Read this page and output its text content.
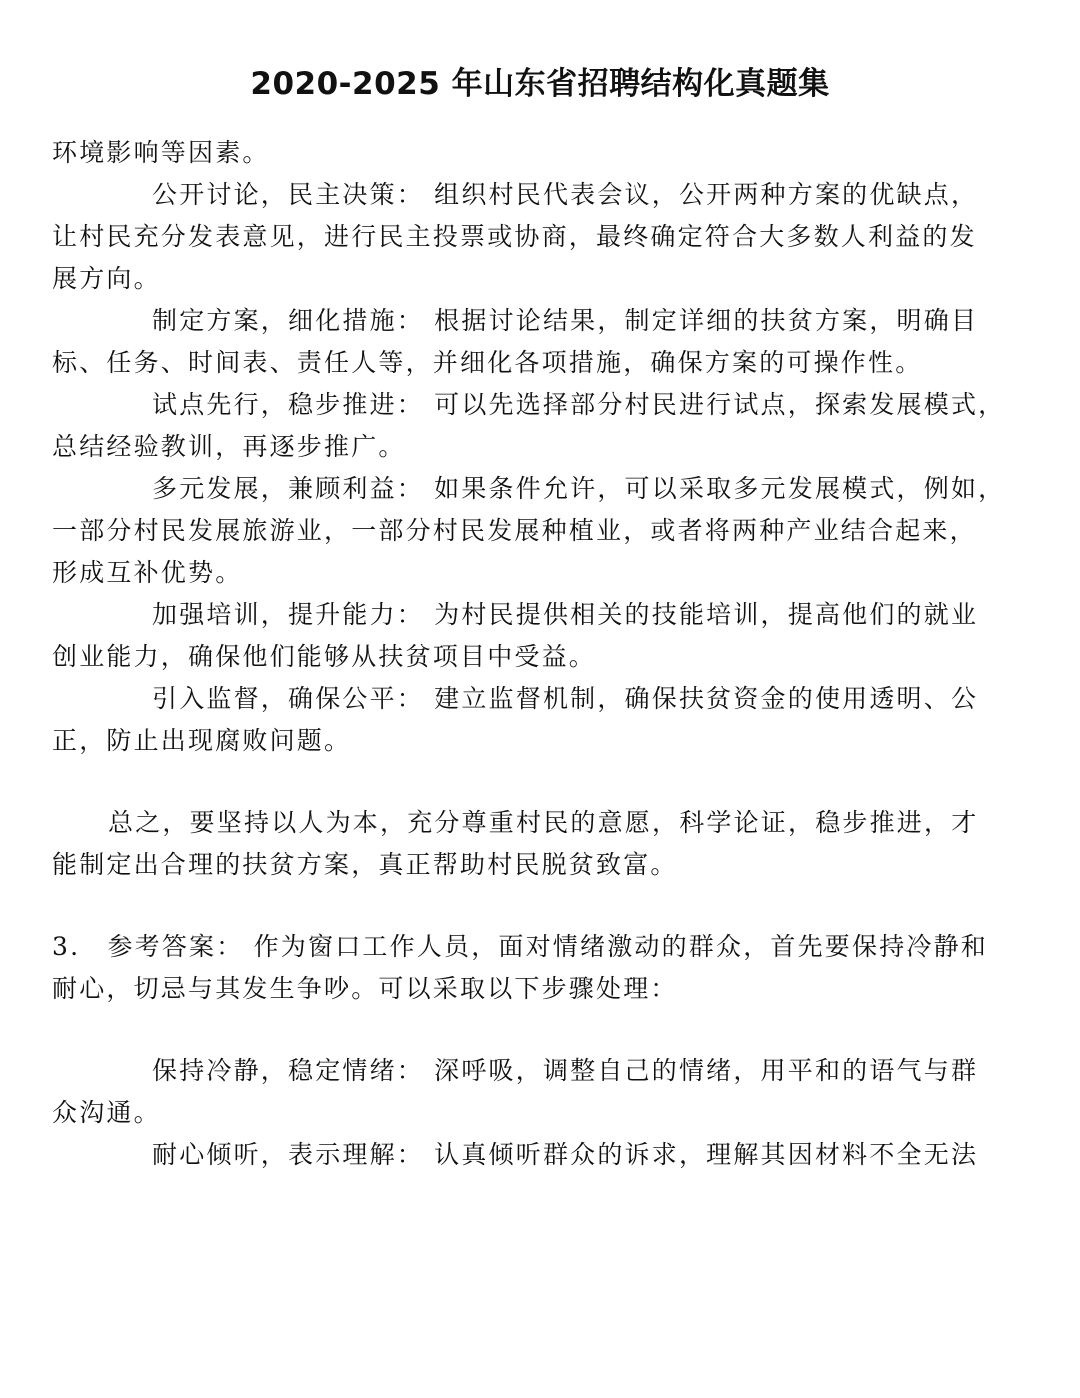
2020-2025 年山东省招聘结构化真题集

环境影响等因素。

公开讨论，民主决策： 组织村民代表会议，公开两种方案的优缺点，

让村民充分发表意见，进行民主投票或协商，最终确定符合大多数人利益的发

展方向。

制定方案，细化措施： 根据讨论结果，制定详细的扶贫方案，明确目

标、任务、时间表、责任人等，并细化各项措施，确保方案的可操作性。

试点先行，稳步推进： 可以先选择部分村民进行试点，探索发展模式，

总结经验教训，再逐步推广。

多元发展，兼顾利益： 如果条件允许，可以采取多元发展模式，例如，

一部分村民发展旅游业，一部分村民发展种植业，或者将两种产业结合起来，

形成互补优势。

加强培训，提升能力： 为村民提供相关的技能培训，提高他们的就业

创业能力，确保他们能够从扶贫项目中受益。

引入监督，确保公平： 建立监督机制，确保扶贫资金的使用透明、公

正，防止出现腐败问题。

总之，要坚持以人为本，充分尊重村民的意愿，科学论证，稳步推进，才

能制定出合理的扶贫方案，真正帮助村民脱贫致富。

3.　参考答案： 作为窗口工作人员，面对情绪激动的群众，首先要保持冷静和

耐心，切忌与其发生争吵。可以采取以下步骤处理：

保持冷静，稳定情绪： 深呼吸，调整自己的情绪，用平和的语气与群

众沟通。

耐心倾听，表示理解： 认真倾听群众的诉求，理解其因材料不全无法
